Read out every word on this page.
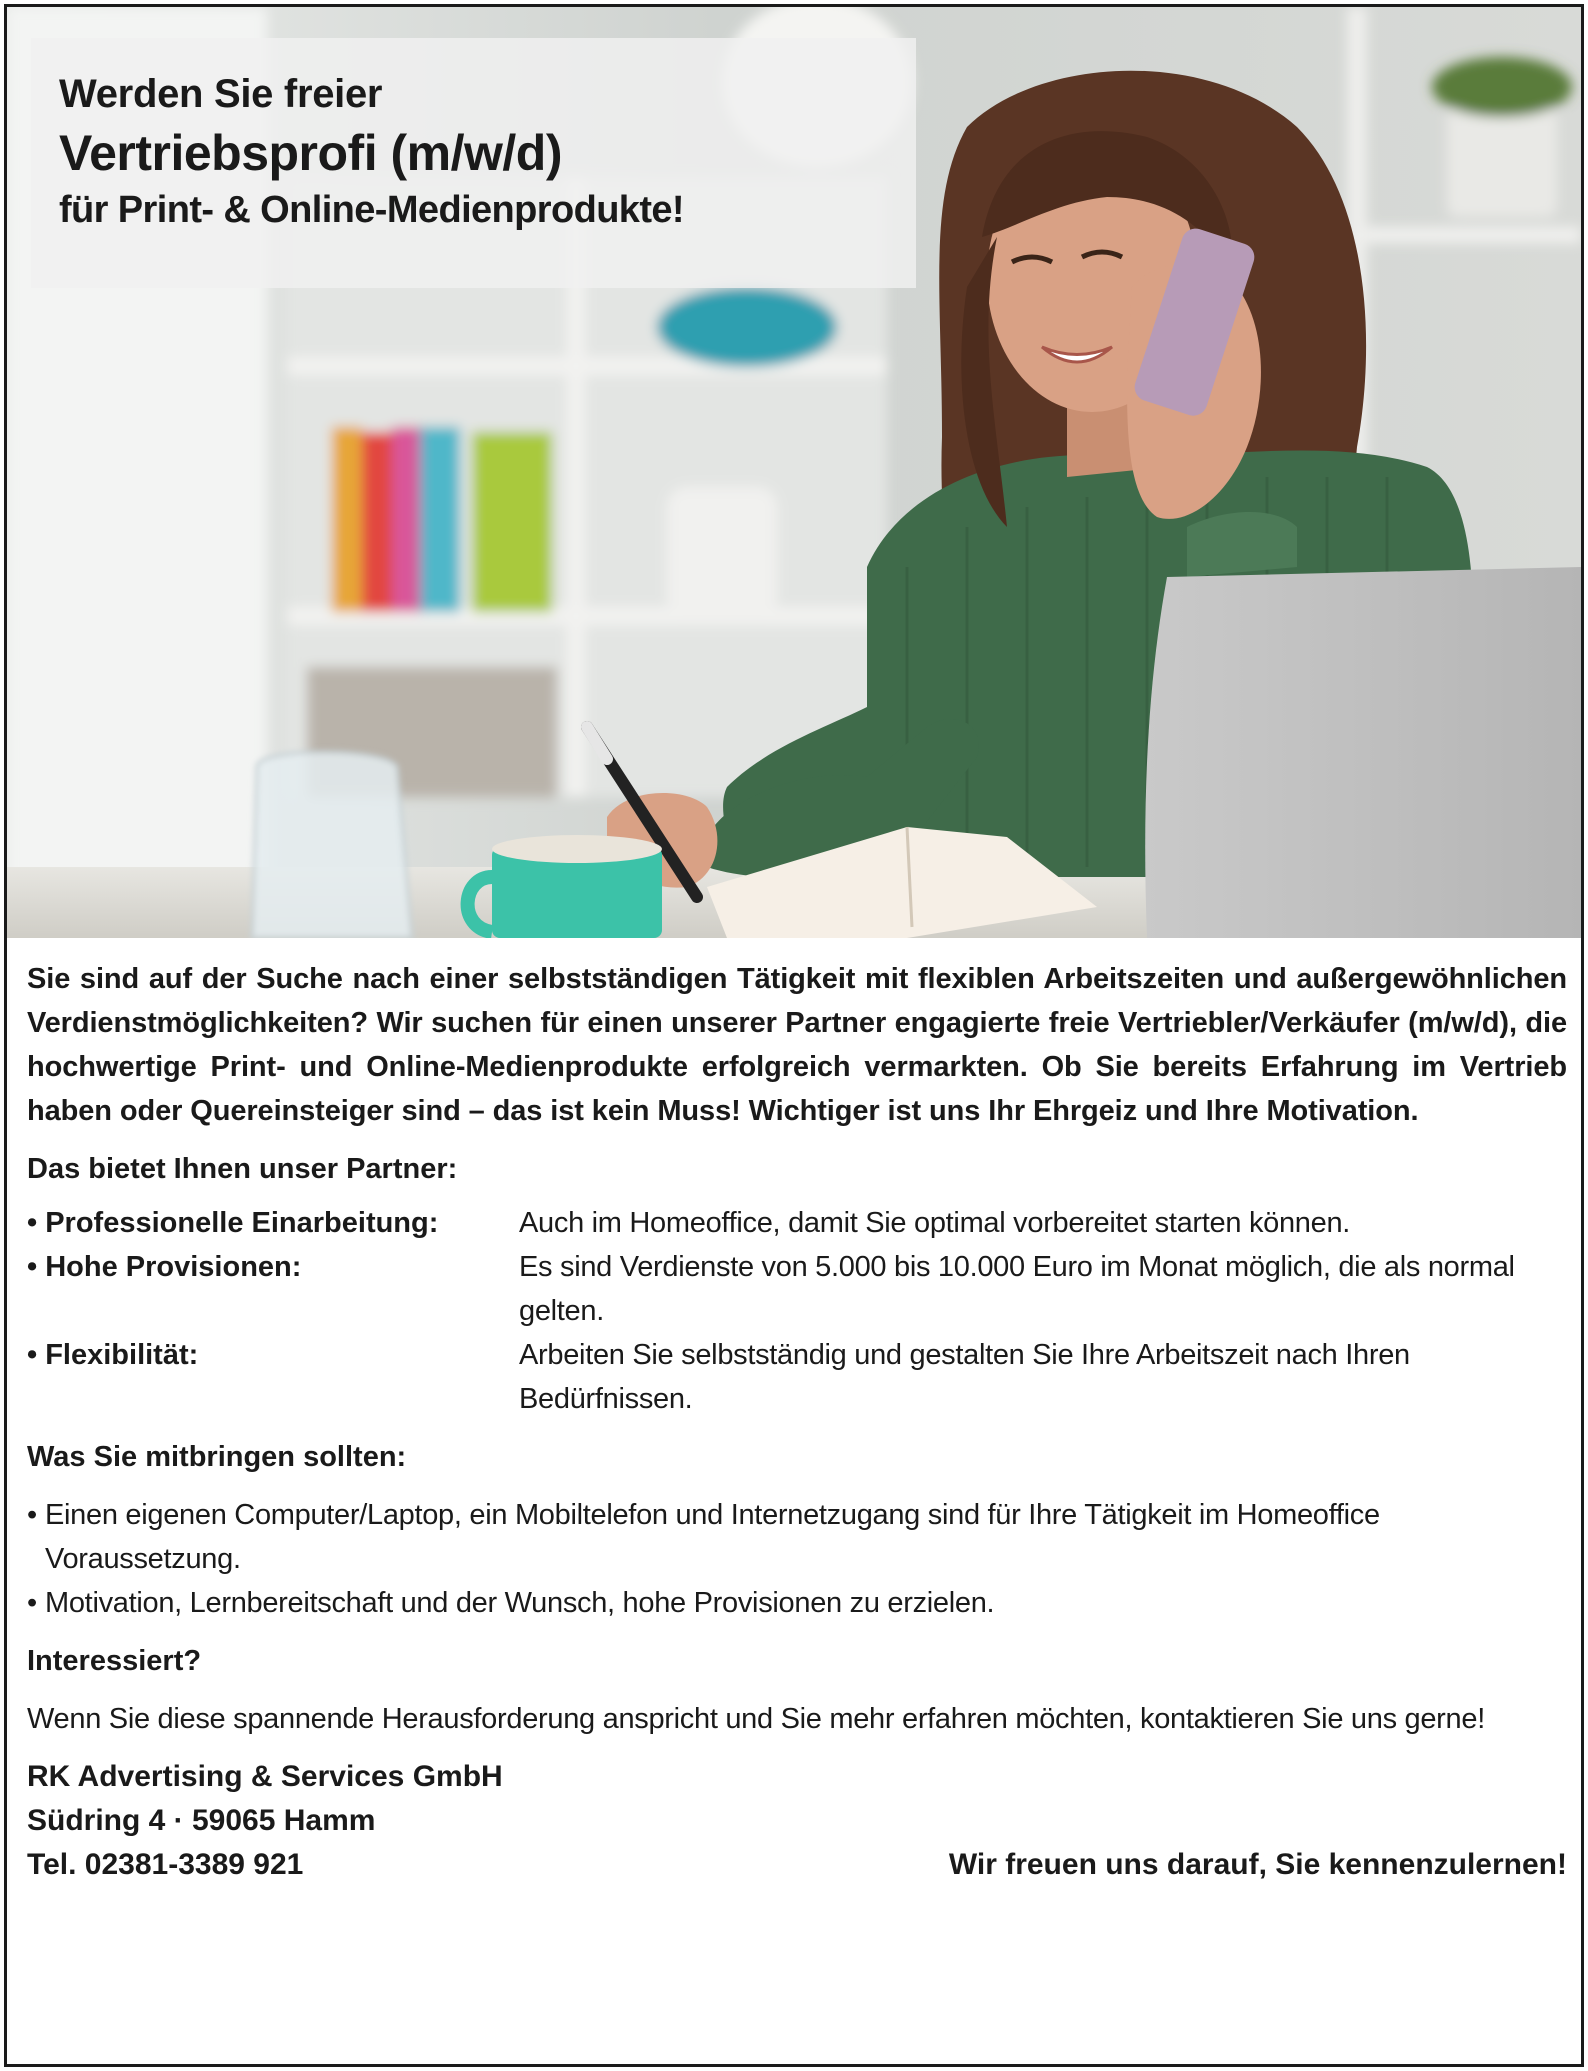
Werden Sie freier
Vertriebsprofi (m/w/d)
für Print- & Online-Medienprodukte!

Sie sind auf der Suche nach einer selbstständigen Tätigkeit mit flexiblen Arbeitszeiten und außergewöhnlichen Verdienstmöglichkeiten? Wir suchen für einen unserer Partner engagierte freie Vertriebler/Verkäufer (m/w/d), die hochwertige Print- und Online-Medienprodukte erfolgreich vermarkten. Ob Sie bereits Erfahrung im Vertrieb haben oder Quereinsteiger sind – das ist kein Muss! Wichtiger ist uns Ihr Ehrgeiz und Ihre Motivation.

Das bietet Ihnen unser Partner:
• Professionelle Einarbeitung:	Auch im Homeoffice, damit Sie optimal vorbereitet starten können.
• Hohe Provisionen:	Es sind Verdienste von 5.000 bis 10.000 Euro im Monat möglich, die als normal gelten.
• Flexibilität:	Arbeiten Sie selbstständig und gestalten Sie Ihre Arbeitszeit nach Ihren Bedürfnissen.
Was Sie mitbringen sollten:
• Einen eigenen Computer/Laptop, ein Mobiltelefon und Internetzugang sind für Ihre Tätigkeit im Homeoffice Voraussetzung.
• Motivation, Lernbereitschaft und der Wunsch, hohe Provisionen zu erzielen.
Interessiert?

Wenn Sie diese spannende Herausforderung anspricht und Sie mehr erfahren möchten, kontaktieren Sie uns gerne!

RK Advertising & Services GmbH
Südring 4 · 59065 Hamm
Tel. 02381-3389 921	Wir freuen uns darauf, Sie kennenzulernen!
